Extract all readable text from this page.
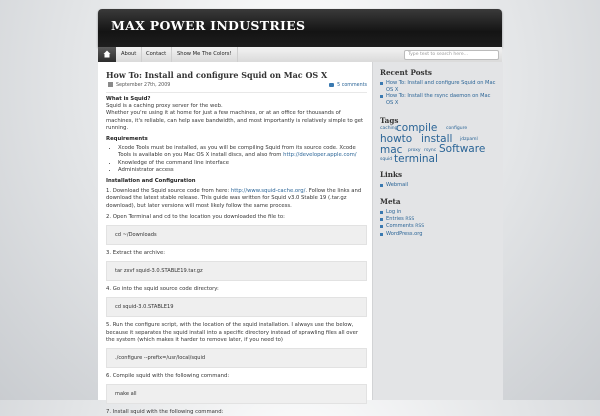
MAX POWER INDUSTRIES
About	Contact	Show Me The Colors!	Type text to search here...
How To: Install and configure Squid on Mac OS X
September 27th, 2009	5 comments
What is Squid?
Squid is a caching proxy server for the web.

Whether you're using it at home for just a few machines, or at an office for thousands of machines, it's reliable, can help save bandwidth, and most importantly is relatively simple to get running.

Requirements
• Xcode Tools must be installed, as you will be compiling Squid from its source code. Xcode Tools is available on you Mac OS X install discs, and also from http://developer.apple.com/
• Knowledge of the command line interface
• Administrator access
Installation and Configuration

1. Download the Squid source code from here: http://www.squid-cache.org/. Follow the links and download the latest stable release. This guide was written for Squid v3.0 Stable 19 (.tar.gz download), but later versions will most likely follow the same process.

2. Open Terminal and cd to the location you downloaded the file to:

cd ~/Downloads

3. Extract the archive:

tar zxvf squid-3.0.STABLE19.tar.gz

4. Go into the squid source code directory:

cd squid-3.0.STABLE19

5. Run the configure script, with the location of the squid installation. I always use the below, because it separates the squid install into a specific directory instead of sprawling files all over the system (which makes it harder to remove later, if you need to)

./configure --prefix=/usr/local/squid

6. Compile squid with the following command:

make all

7. Install squid with the following command:

Recent Posts
How To: Install and configure Squid on Mac OS X
How To: Install the rsync daemon on Mac OS X
Tags
caching
compile configure
howto install jdzpaml
mac proxy rsync Software
squid terminal
Links
Webmail
Meta
Log in
Entries RSS
Comments RSS
WordPress.org
